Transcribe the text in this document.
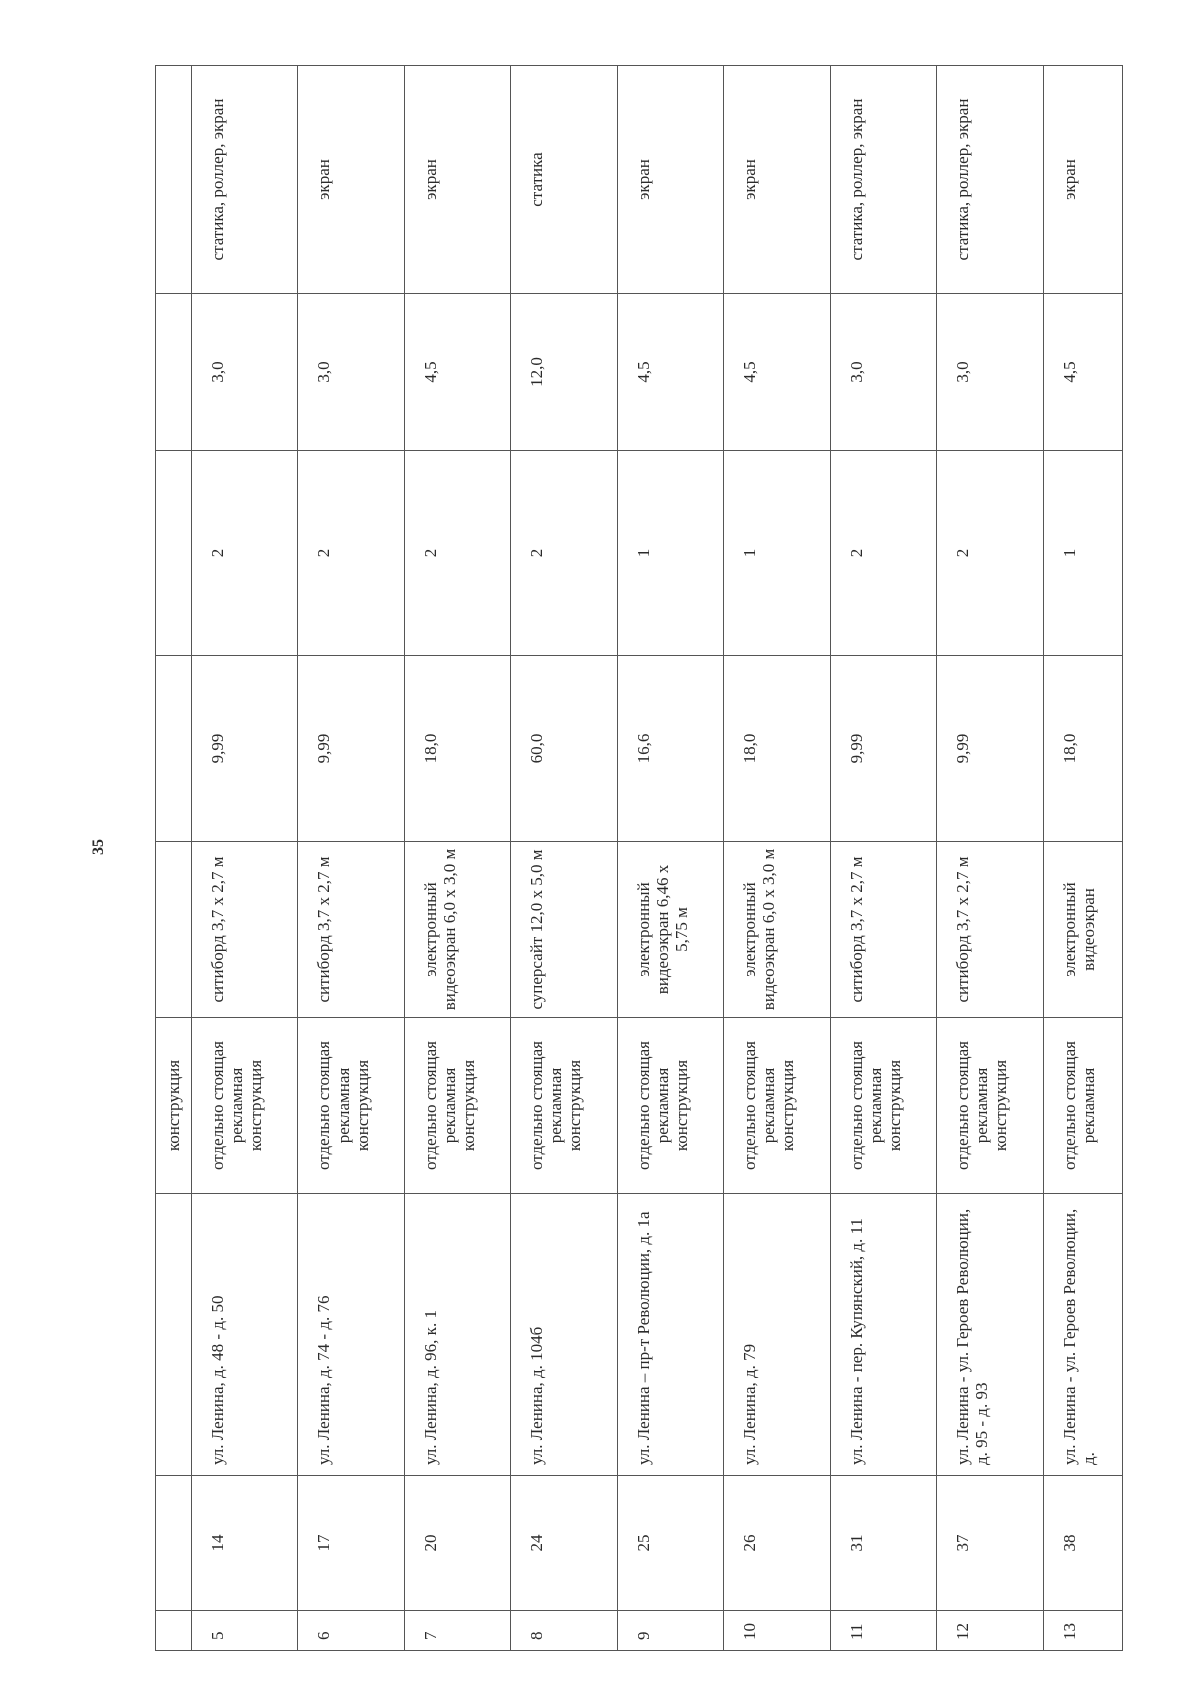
35
			конструкция					
5	14	ул. Ленина, д. 48 - д. 50	отдельно стоящая рекламная конструкция	ситиборд 3,7 х 2,7 м	9,99	2	3,0	статика, роллер, экран
6	17	ул. Ленина, д. 74 - д. 76	отдельно стоящая рекламная конструкция	ситиборд 3,7 х 2,7 м	9,99	2	3,0	экран
7	20	ул. Ленина, д. 96, к. 1	отдельно стоящая рекламная конструкция	электронный видеоэкран 6,0 х 3,0 м	18,0	2	4,5	экран
8	24	ул. Ленина, д. 104б	отдельно стоящая рекламная конструкция	суперсайт 12,0 х 5,0 м	60,0	2	12,0	статика
9	25	ул. Ленина – пр-т Революции, д. 1а	отдельно стоящая рекламная конструкция	электронный видеоэкран 6,46 х 5,75 м	16,6	1	4,5	экран
10	26	ул. Ленина, д. 79	отдельно стоящая рекламная конструкция	электронный видеоэкран 6,0 х 3,0 м	18,0	1	4,5	экран
11	31	ул. Ленина - пер. Купянский, д. 11	отдельно стоящая рекламная конструкция	ситиборд 3,7 х 2,7 м	9,99	2	3,0	статика, роллер, экран
12	37	ул. Ленина - ул. Героев Революции, д. 95 - д. 93	отдельно стоящая рекламная конструкция	ситиборд 3,7 х 2,7 м	9,99	2	3,0	статика, роллер, экран
13	38	ул. Ленина - ул. Героев Революции, д.	отдельно стоящая рекламная	электронный видеоэкран	18,0	1	4,5	экран
